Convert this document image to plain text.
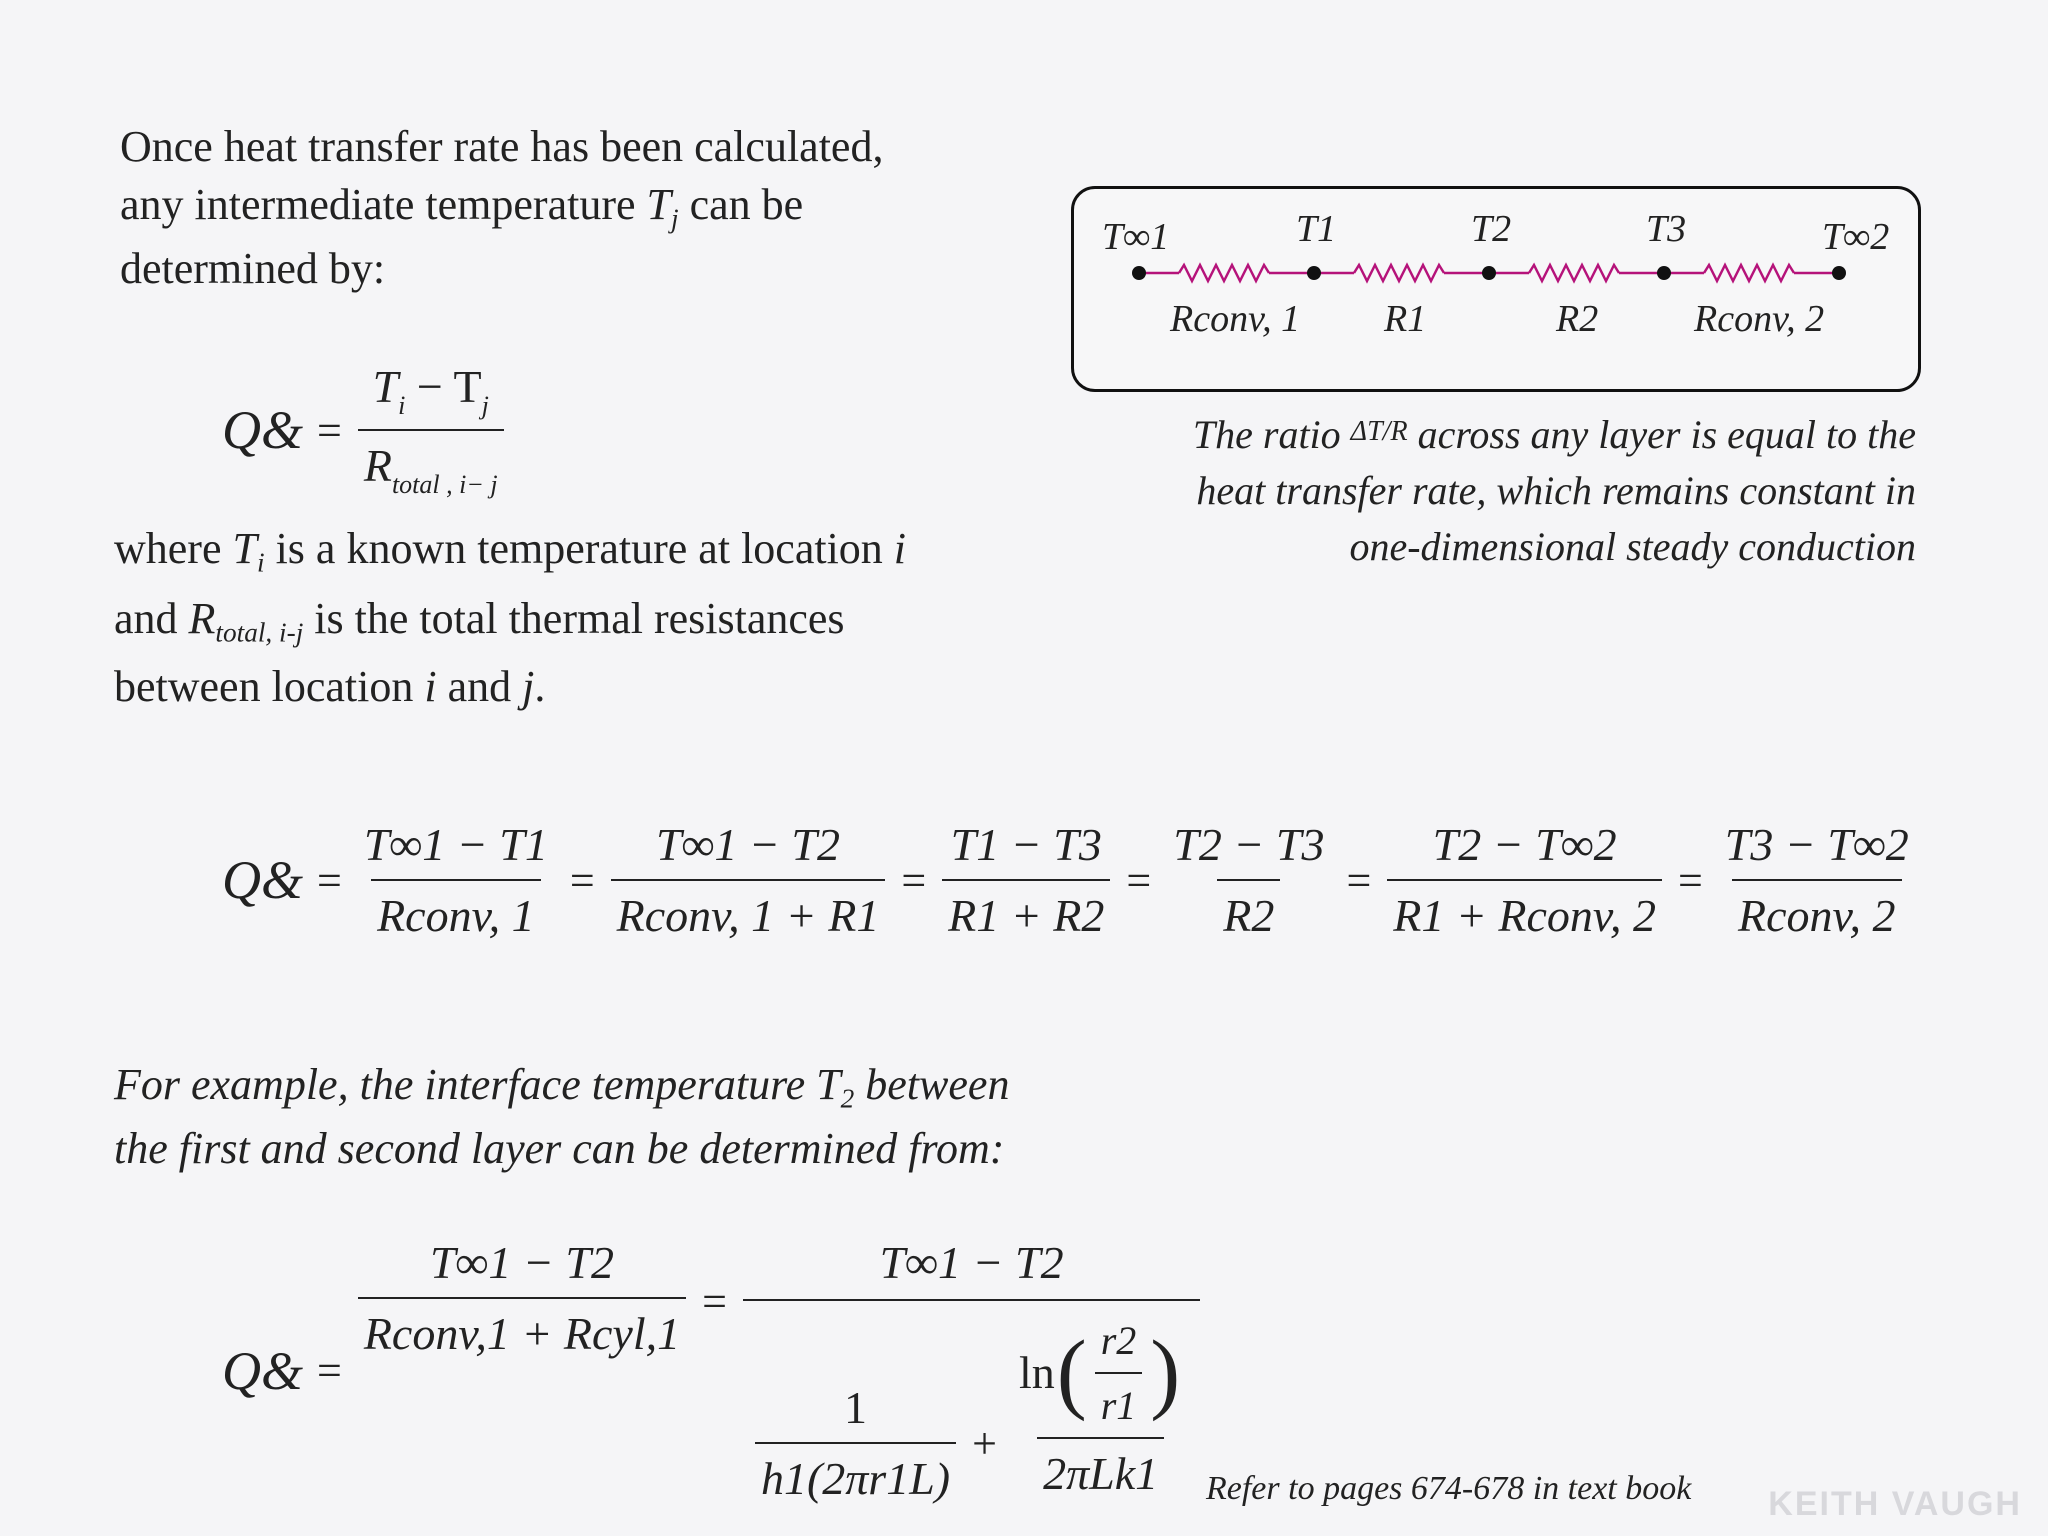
Once heat transfer rate has been calculated,
any intermediate temperature $T_j$ can be
determined by:
Q& = $\frac{T_i - T_j}{R_{total , i- j}}$
where $T_i$ is a known temperature at location i
and $R_{total, i-j}$ is the total thermal resistances
between location i and j.
T∞1	T1	T2	T3	T∞2
Rconv, 1 R1	R2	Rconv, 2
The ratio $^{\Delta T/R}$ across any layer is equal to the
heat transfer rate, which remains constant in
one-dimensional steady conduction
Q& = $\frac{T\infty 1 - T1}{\text{Rconv, 1}} = \frac{T\infty 1 - T2}{\text{Rconv, 1 + R1}} = \frac{T1 - T3}{R1 + R2} = \frac{T2 - T3}{R2} = \frac{T2 - T\infty 2}{\text{R1 + Rconv, 2}} = \frac{T3 - T\infty 2}{\text{Rconv, 2}}$
For example, the interface temperature $T_2$ between
the first and second layer can be determined from:
Q& =
$\frac{T\infty 1 - T2}{\text{Rconv,1 + Rcyl,1}}$ =
T∞1 − T2
$\frac{1}{h1(2\pi r1L)} + \frac{\ln ( \frac{r2}{r1} )}{\text{2πLk1}}$ Refer to pages 674-678 in text book KEITH VAUGH
